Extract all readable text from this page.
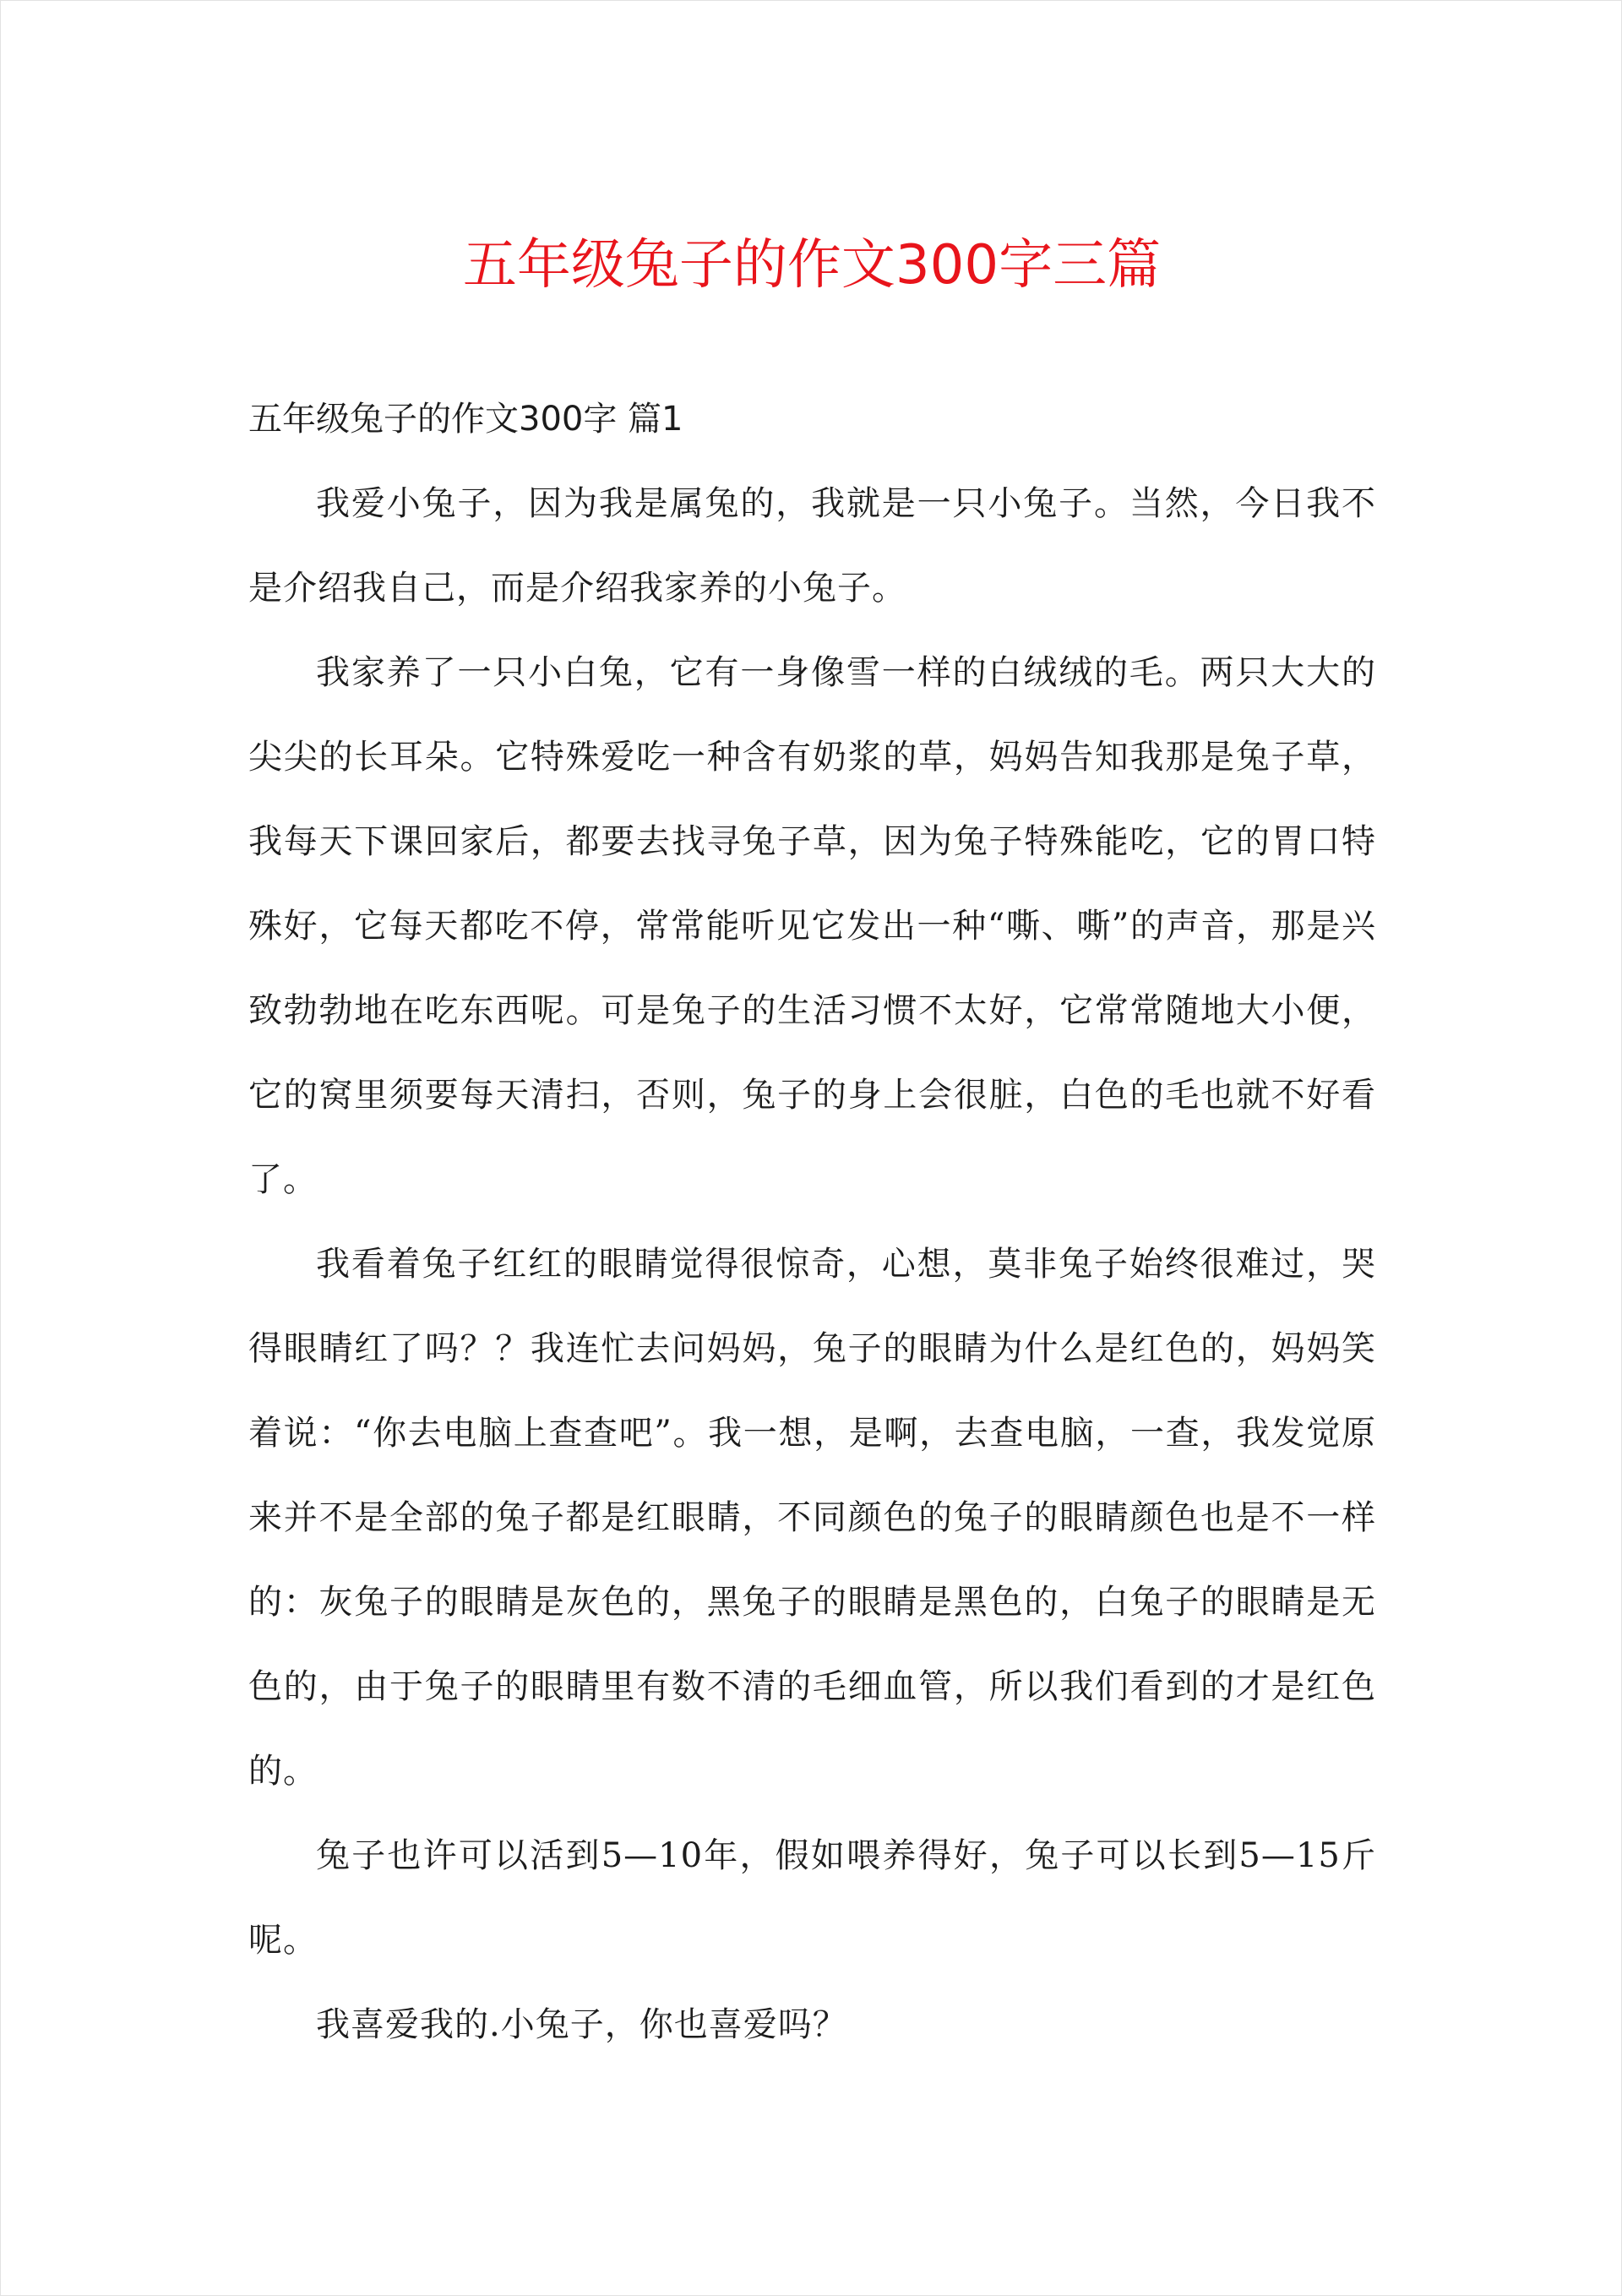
五年级兔子的作文300字三篇
五年级兔子的作文300字 篇1

我爱小兔子，因为我是属兔的，我就是一只小兔子。当然，今日我不是介绍我自己，而是介绍我家养的小兔子。

我家养了一只小白兔，它有一身像雪一样的白绒绒的毛。两只大大的尖尖的长耳朵。它特殊爱吃一种含有奶浆的草，妈妈告知我那是兔子草，我每天下课回家后，都要去找寻兔子草，因为兔子特殊能吃，它的胃口特殊好，它每天都吃不停，常常能听见它发出一种“嘶、嘶”的声音，那是兴致勃勃地在吃东西呢。可是兔子的生活习惯不太好，它常常随地大小便，它的窝里须要每天清扫，否则，兔子的身上会很脏，白色的毛也就不好看了。

我看着兔子红红的眼睛觉得很惊奇，心想，莫非兔子始终很难过，哭得眼睛红了吗？？我连忙去问妈妈，兔子的眼睛为什么是红色的，妈妈笑着说：“你去电脑上查查吧”。我一想，是啊，去查电脑，一查，我发觉原来并不是全部的兔子都是红眼睛，不同颜色的兔子的眼睛颜色也是不一样的：灰兔子的眼睛是灰色的，黑兔子的眼睛是黑色的，白兔子的眼睛是无色的，由于兔子的眼睛里有数不清的毛细血管，所以我们看到的才是红色的。

兔子也许可以活到5—10年，假如喂养得好，兔子可以长到5—15斤呢。

我喜爱我的.小兔子，你也喜爱吗？
